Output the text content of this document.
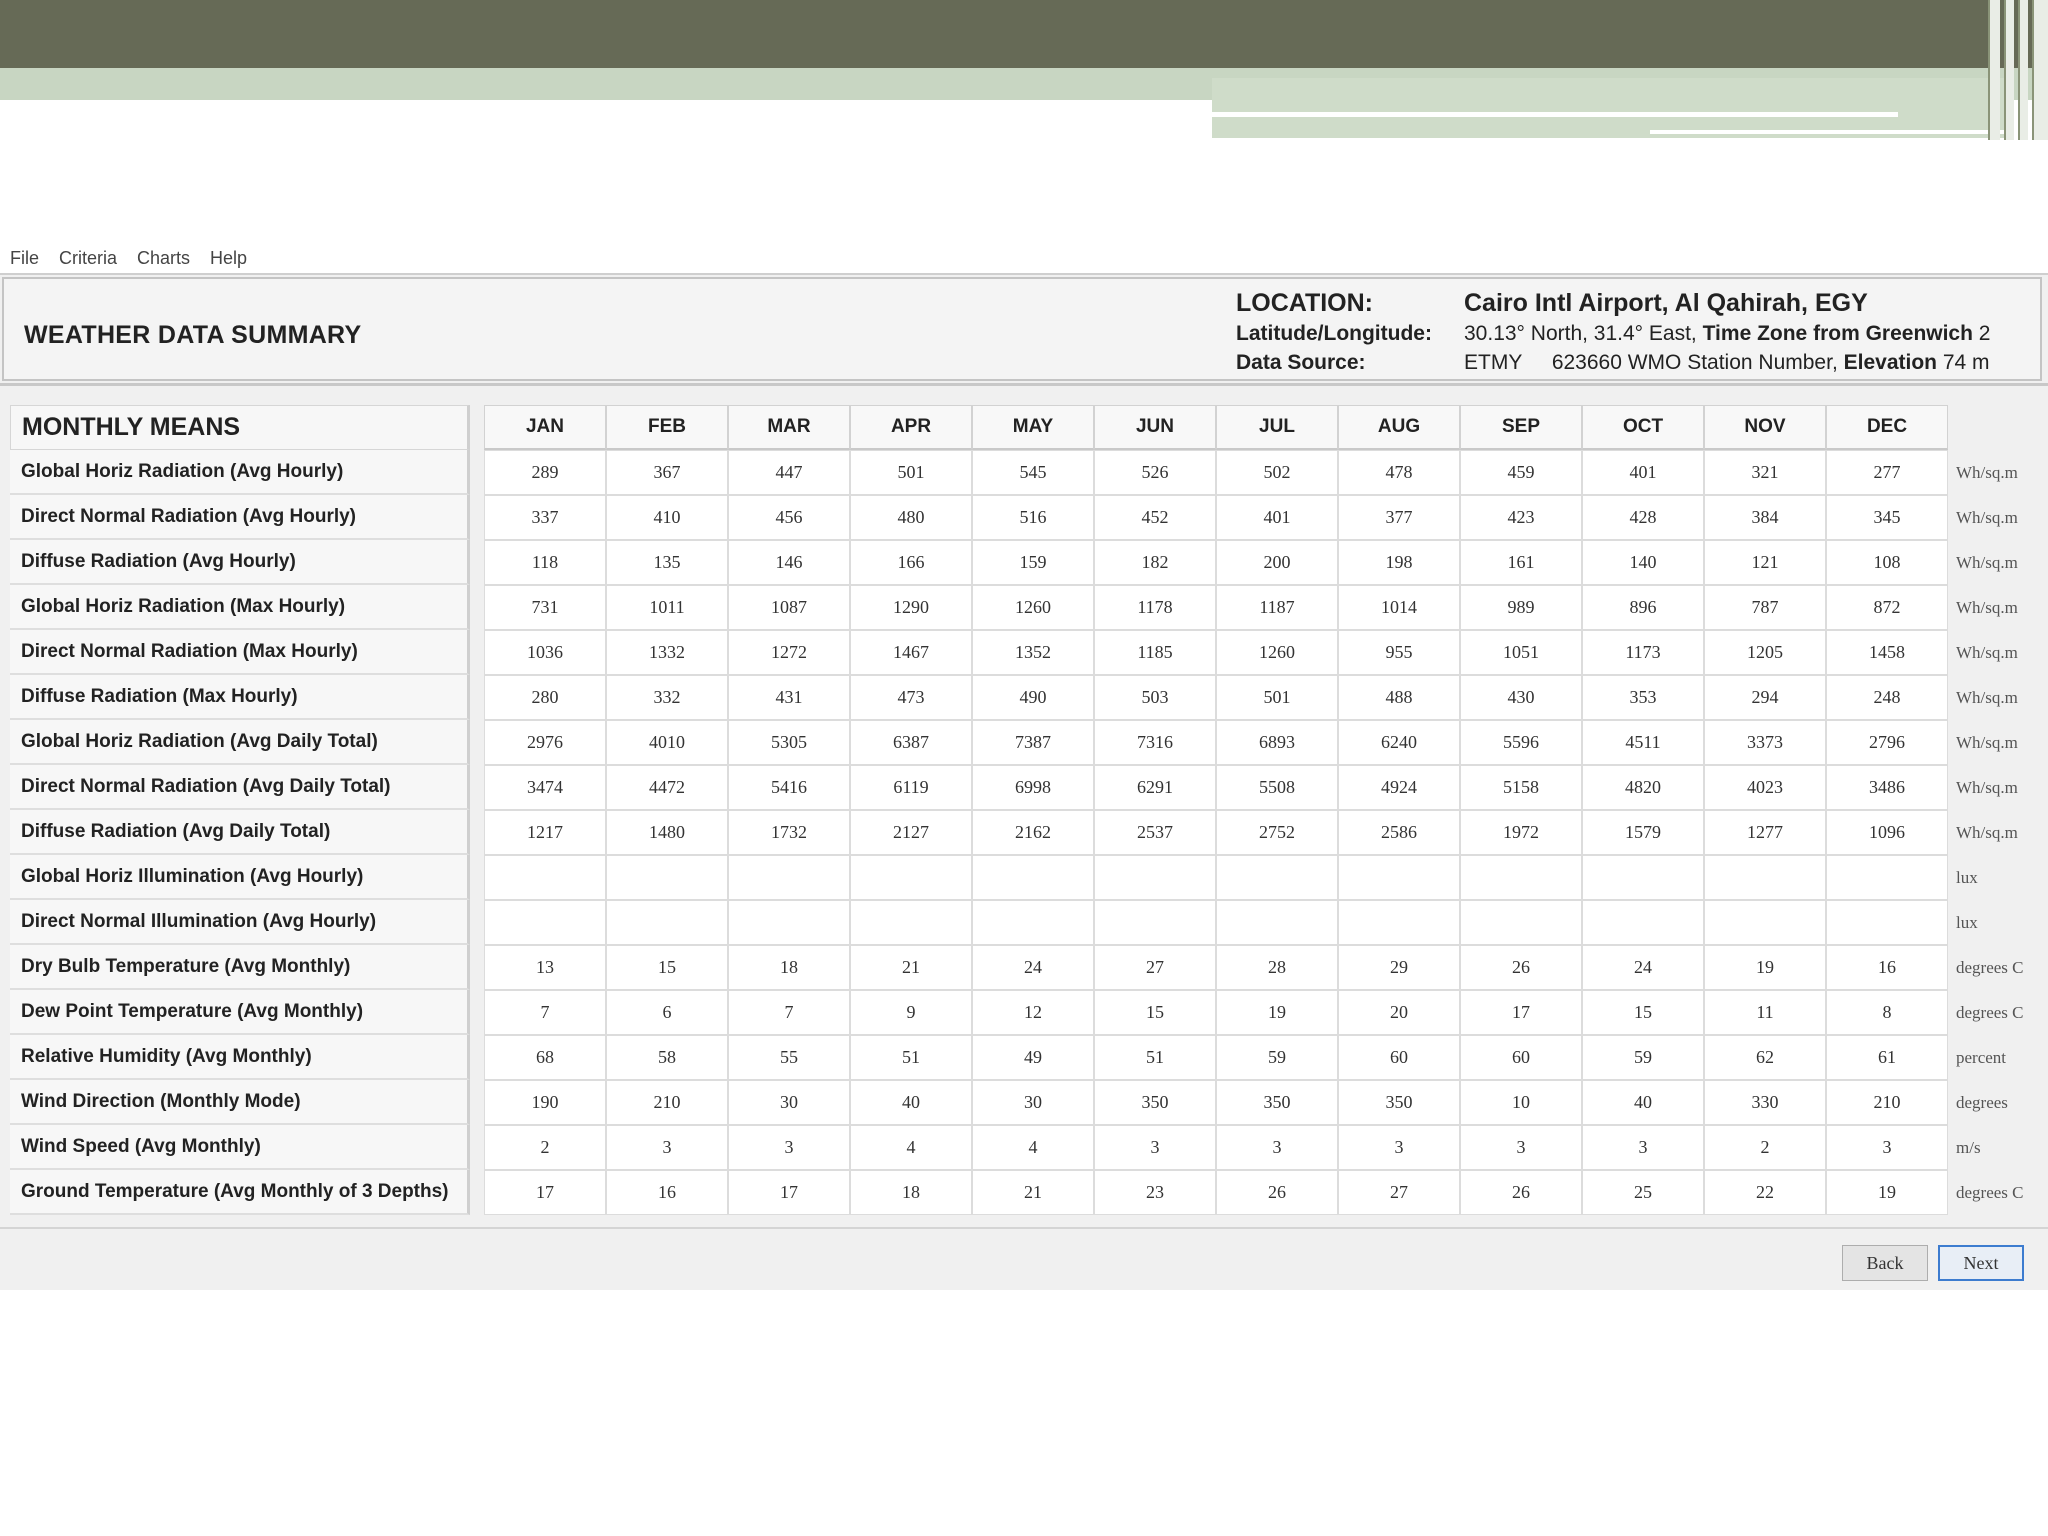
File Criteria Charts Help
WEATHER DATA SUMMARY
LOCATION:	Cairo Intl Airport, Al Qahirah, EGY
Latitude/Longitude: 30.13° North, 31.4° East, Time Zone from Greenwich 2
Data Source:	ETMY 623660 WMO Station Number, Elevation 74 m
MONTHLY MEANS		JAN	FEB	MAR	APR	MAY	JUN	JUL	AUG	SEP	OCT	NOV	DEC	
Global Horiz Radiation (Avg Hourly)		289	367	447	501	545	526	502	478	459	401	321	277	Wh/sq.m
Direct Normal Radiation (Avg Hourly)		337	410	456	480	516	452	401	377	423	428	384	345	Wh/sq.m
Diffuse Radiation (Avg Hourly)		118	135	146	166	159	182	200	198	161	140	121	108	Wh/sq.m
Global Horiz Radiation (Max Hourly)		731	1011	1087	1290	1260	1178	1187	1014	989	896	787	872	Wh/sq.m
Direct Normal Radiation (Max Hourly)		1036	1332	1272	1467	1352	1185	1260	955	1051	1173	1205	1458	Wh/sq.m
Diffuse Radiation (Max Hourly)		280	332	431	473	490	503	501	488	430	353	294	248	Wh/sq.m
Global Horiz Radiation (Avg Daily Total)		2976	4010	5305	6387	7387	7316	6893	6240	5596	4511	3373	2796	Wh/sq.m
Direct Normal Radiation (Avg Daily Total)		3474	4472	5416	6119	6998	6291	5508	4924	5158	4820	4023	3486	Wh/sq.m
Diffuse Radiation (Avg Daily Total)		1217	1480	1732	2127	2162	2537	2752	2586	1972	1579	1277	1096	Wh/sq.m
Global Horiz Illumination (Avg Hourly)														lux
Direct Normal Illumination (Avg Hourly)														lux
Dry Bulb Temperature (Avg Monthly)		13	15	18	21	24	27	28	29	26	24	19	16	degrees C
Dew Point Temperature (Avg Monthly)		7	6	7	9	12	15	19	20	17	15	11	8	degrees C
Relative Humidity (Avg Monthly)		68	58	55	51	49	51	59	60	60	59	62	61	percent
Wind Direction (Monthly Mode)		190	210	30	40	30	350	350	350	10	40	330	210	degrees
Wind Speed (Avg Monthly)		2	3	3	4	4	3	3	3	3	3	2	3	m/s
Ground Temperature (Avg Monthly of 3 Depths)		17	16	17	18	21	23	26	27	26	25	22	19	degrees C
Back	Next
